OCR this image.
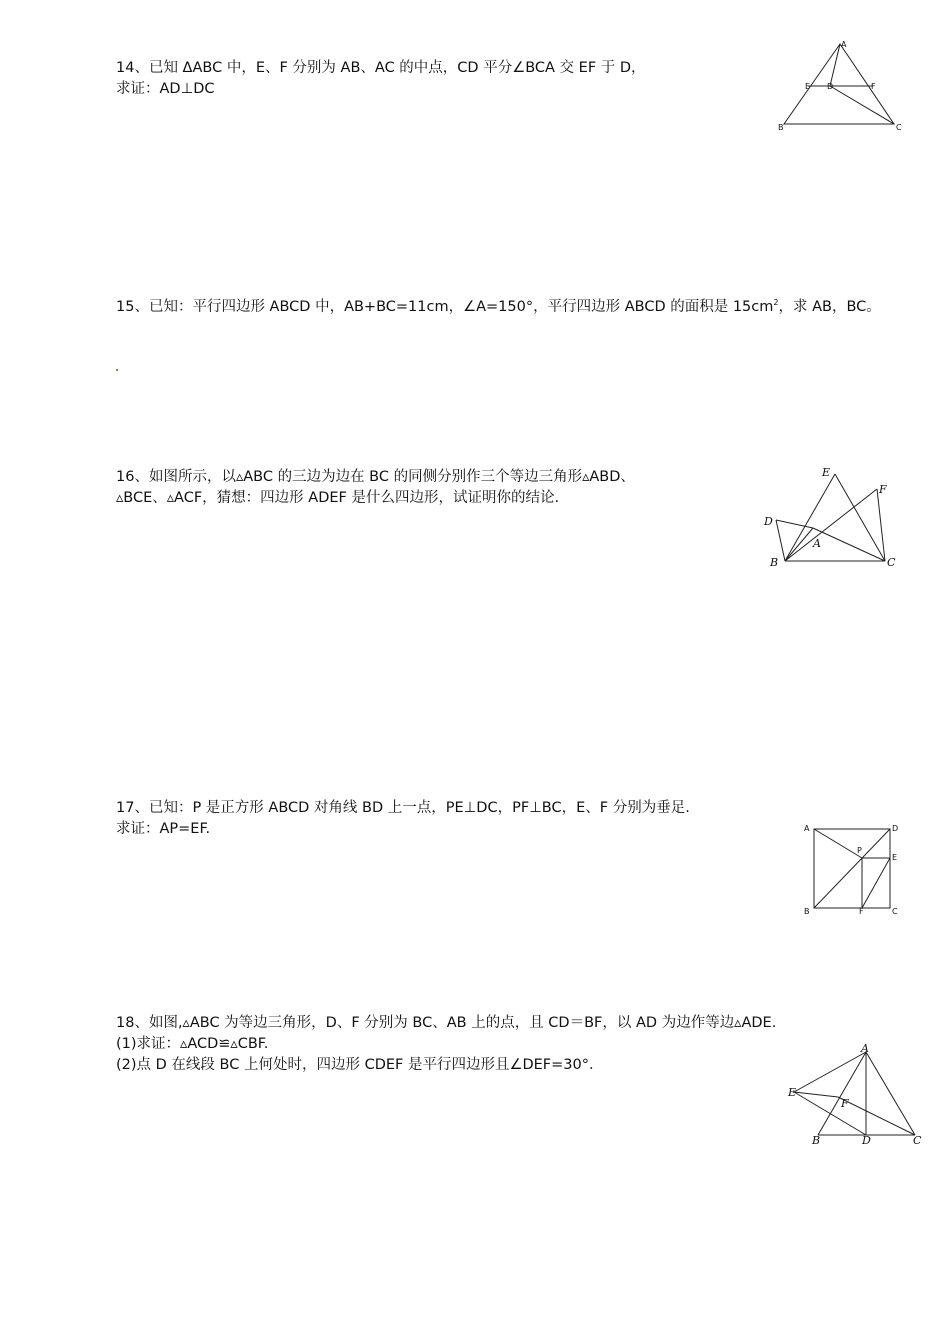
14、已知 ΔABC 中，E、F 分别为 AB、AC 的中点，CD 平分∠BCA 交 EF 于 D，
求证：AD⊥DC
A
B	C
E D	F
15、已知：平行四边形 ABCD 中，AB+BC=11cm，∠A=150°，平行四边形 ABCD 的面积是 $15cm^2$，求 AB，BC。
16、如图所示，以▵ABC 的三边为边在 BC 的同侧分别作三个等边三角形▵ABD、
▵BCE、▵ACF，猜想：四边形 ADEF 是什么四边形，试证明你的结论.
E
F
D
A
B	C
17、已知：P 是正方形 ABCD 对角线 BD 上一点，PE⊥DC，PF⊥BC，E、F 分别为垂足.
求证：AP=EF.	A	D
P
E
B	F	C
18、如图,▵ABC 为等边三角形，D、F 分别为 BC、AB 上的点，且 CD＝BF，以 AD 为边作等边▵ADE.
(1)求证：▵ACD≌▵CBF.
(2)点 D 在线段 BC 上何处时，四边形 CDEF 是平行四边形且∠DEF=30°．
A
E
F
B	D	C
